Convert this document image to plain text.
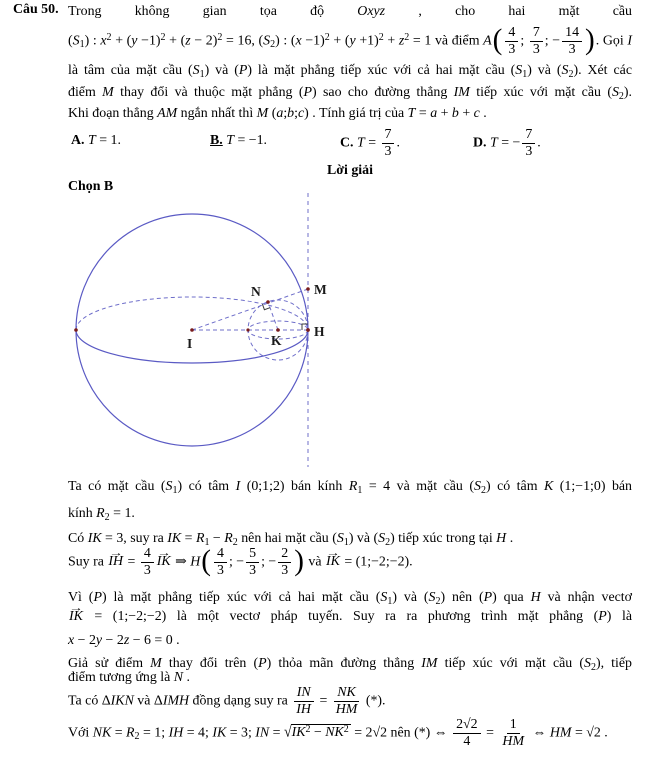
Câu 50. Trong không gian tọa độ Oxyz , cho hai mặt cầu
$(S_1)$ : $x^2 + (y -1)^2 + (z - 2)^2 = 16$, $(S_2)$ : $(x -1)^2 + (y +1)^2 + z^2 = 1$ và điểm $A( \frac{4}{3}$ ; $\frac{7}{3}$ ; − $\frac{14}{3}$ ). Gọi I
là tâm của mặt cầu $(S_1)$ và (P) là mặt phẳng tiếp xúc với cả hai mặt cầu $(S_1)$ và $(S_2)$. Xét các
điểm M thay đổi và thuộc mặt phẳng (P) sao cho đường thẳng IM tiếp xúc với mặt cầu $(S_2)$.
Khi đoạn thẳng AM ngắn nhất thì M (a;b;c) . Tính giá trị của T = a + b + c .
A. T = 1.	B. T = −1.	C. $T = \frac{7}{3}$ .	D. T = − $\frac{7}{3}$ .
Lời giải
Chọn B
I	K
H
N	M
Ta có mặt cầu $(S_1)$ có tâm I (0;1;2) bán kính $R_1 = 4$ và mặt cầu $(S_2)$ có tâm K (1;−1;0) bán
kính $R_2 = 1$.
Có IK = 3, suy ra IK = $R_1 - R_2$ nên hai mặt cầu $(S_1)$ và $(S_2)$ tiếp xúc trong tại H .
Suy ra → IH = $\frac{4}{3}$ → IK ⇒ $H( \frac{4}{3}$ ; − $\frac{5}{3}$ ; − $\frac{2}{3}$ ) và → IK = (1;−2;−2).
Vì (P) là mặt phẳng tiếp xúc với cả hai mặt cầu $(S_1)$ và $(S_2)$ nên (P) qua H và nhận vectơ
→ IK = (1;−2;−2) là một vectơ pháp tuyến. Suy ra ra phương trình mặt phẳng (P) là
x − 2y − 2z − 6 = 0 .
Giả sử điểm M thay đổi trên (P) thỏa mãn đường thẳng IM tiếp xúc với mặt cầu $(S_2)$, tiếp
điểm tương ứng là N .
Ta có ΔIKN và ΔIMH đồng dạng suy ra $\frac{IN}{IH} = \frac{NK}{HM}$ (*).
Với NK = $R_2 = 1$; IH = 4; IK = 3; IN = $√IK^2 - NK^2 = 2√2$ nên (*) ⇔ $\frac{2√2}{4} = \frac{1}{HM}$ ⇔ HM = √2 .
